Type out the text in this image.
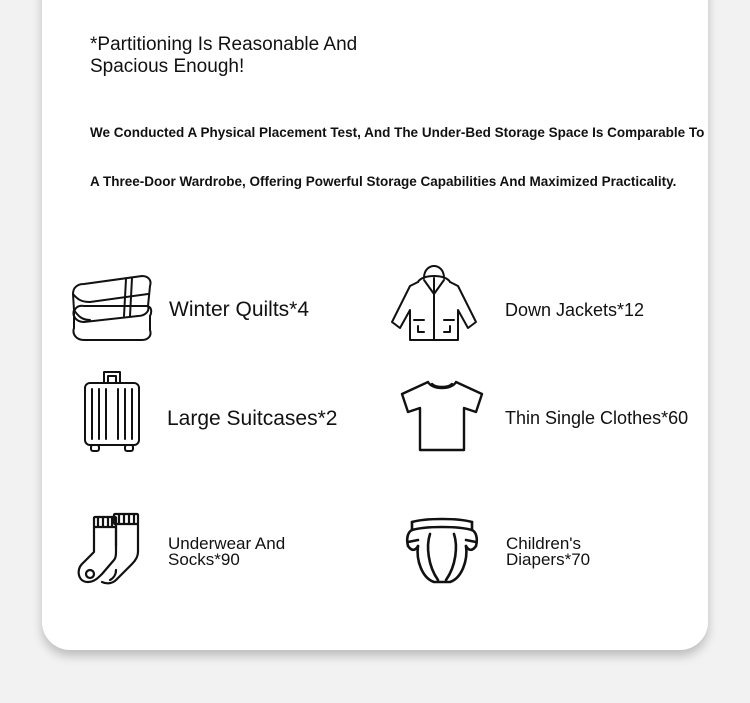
*Partitioning Is Reasonable And
Spacious Enough!
We Conducted A Physical Placement Test, And The Under-Bed Storage Space Is Comparable To
A Three-Door Wardrobe, Offering Powerful Storage Capabilities And Maximized Practicality.
Winter Quilts*4	Down Jackets*12
Large Suitcases*2	Thin Single Clothes*60
Underwear And
Socks*90
Children's
Diapers*70
